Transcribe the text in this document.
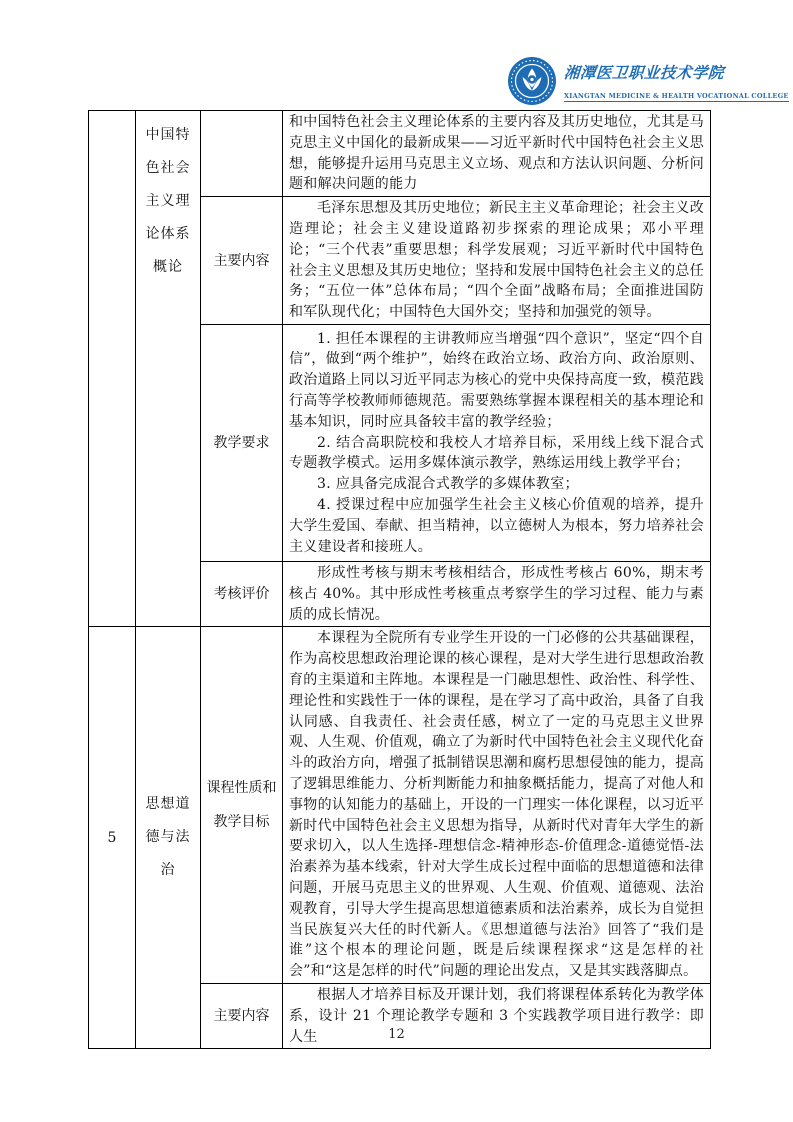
湘潭医卫职业技术学院
XIANGTAN MEDICINE & HEALTH VOCATIONAL COLLEGE
	中国特色社会主义理论体系概论		和中国特色社会主义理论体系的主要内容及其历史地位，尤其是马克思主义中国化的最新成果——习近平新时代中国特色社会主义思想，能够提升运用马克思主义立场、观点和方法认识问题、分析问题和解决问题的能力

		主要内容	毛泽东思想及其历史地位；新民主主义革命理论；社会主义改造理论；社会主义建设道路初步探索的理论成果；邓小平理论；“三个代表”重要思想；科学发展观；习近平新时代中国特色社会主义思想及其历史地位；坚持和发展中国特色社会主义的总任务；“五位一体”总体布局；“四个全面”战略布局；全面推进国防和军队现代化；中国特色大国外交；坚持和加强党的领导。

		教学要求	1. 担任本课程的主讲教师应当增强“四个意识”，坚定“四个自信”，做到“两个维护”，始终在政治立场、政治方向、政治原则、政治道路上同以习近平同志为核心的党中央保持高度一致，模范践行高等学校教师师德规范。需要熟练掌握本课程相关的基本理论和基本知识，同时应具备较丰富的教学经验；

2. 结合高职院校和我校人才培养目标，采用线上线下混合式专题教学模式。运用多媒体演示教学，熟练运用线上教学平台；

3. 应具备完成混合式教学的多媒体教室；

4. 授课过程中应加强学生社会主义核心价值观的培养，提升大学生爱国、奉献、担当精神，以立德树人为根本，努力培养社会主义建设者和接班人。

		考核评价	形成性考核与期末考核相结合，形成性考核占 60%，期末考核占 40%。其中形成性考核重点考察学生的学习过程、能力与素质的成长情况。

5	思想道德与法治	课程性质和教学目标	本课程为全院所有专业学生开设的一门必修的公共基础课程，作为高校思想政治理论课的核心课程，是对大学生进行思想政治教育的主渠道和主阵地。本课程是一门融思想性、政治性、科学性、理论性和实践性于一体的课程，是在学习了高中政治，具备了自我认同感、自我责任、社会责任感，树立了一定的马克思主义世界观、人生观、价值观，确立了为新时代中国特色社会主义现代化奋斗的政治方向，增强了抵制错误思潮和腐朽思想侵蚀的能力，提高了逻辑思维能力、分析判断能力和抽象概括能力，提高了对他人和事物的认知能力的基础上，开设的一门理实一体化课程，以习近平新时代中国特色社会主义思想为指导，从新时代对青年大学生的新要求切入，以人生选择-理想信念-精神形态-价值理念-道德觉悟-法治素养为基本线索，针对大学生成长过程中面临的思想道德和法律问题，开展马克思主义的世界观、人生观、价值观、道德观、法治观教育，引导大学生提高思想道德素质和法治素养，成长为自觉担当民族复兴大任的时代新人。《思想道德与法治》回答了“我们是谁”这个根本的理论问题，既是后续课程探求“这是怎样的社会”和“这是怎样的时代”问题的理论出发点，又是其实践落脚点。

		主要内容	根据人才培养目标及开课计划，我们将课程体系转化为教学体系，设计 21 个理论教学专题和 3 个实践教学项目进行教学：即人生	12
